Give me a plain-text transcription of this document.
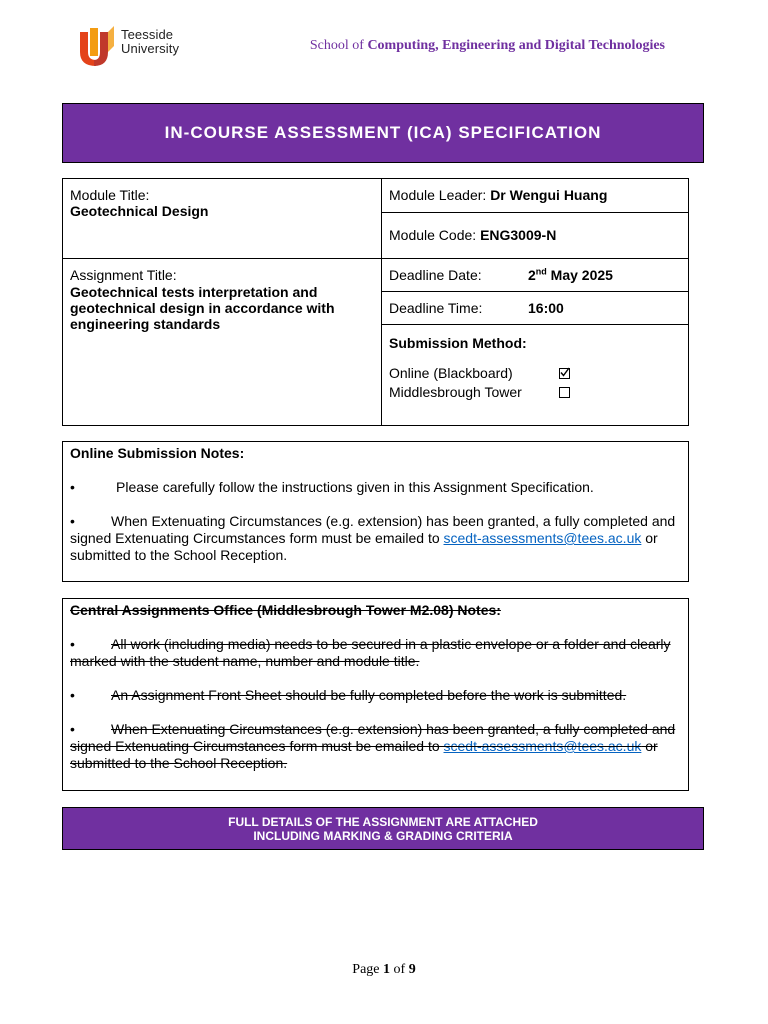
Teesside
University	School of Computing, Engineering and Digital Technologies
IN-COURSE ASSESSMENT (ICA) SPECIFICATION
Module Title:
Geotechnical Design
Module Leader: Dr Wengui Huang
Module Code: ENG3009-N
Assignment Title:
Geotechnical tests interpretation and geotechnical design in accordance with engineering standards
Deadline Date:	2nd May 2025
Deadline Time:	16:00
Submission Method:
Online (Blackboard)
Middlesbrough Tower
Online Submission Notes:
•	Please carefully follow the instructions given in this Assignment Specification.
•	When Extenuating Circumstances (e.g. extension) has been granted, a fully completed and signed Extenuating Circumstances form must be emailed to scedt-assessments@tees.ac.uk or submitted to the School Reception.
Central Assignments Office (Middlesbrough Tower M2.08) Notes:
•	All work (including media) needs to be secured in a plastic envelope or a folder and clearly marked with the student name, number and module title.
•	An Assignment Front Sheet should be fully completed before the work is submitted.
•	When Extenuating Circumstances (e.g. extension) has been granted, a fully completed and signed Extenuating Circumstances form must be emailed to scedt-assessments@tees.ac.uk or submitted to the School Reception.
FULL DETAILS OF THE ASSIGNMENT ARE ATTACHED
INCLUDING MARKING & GRADING CRITERIA
Page 1 of 9
